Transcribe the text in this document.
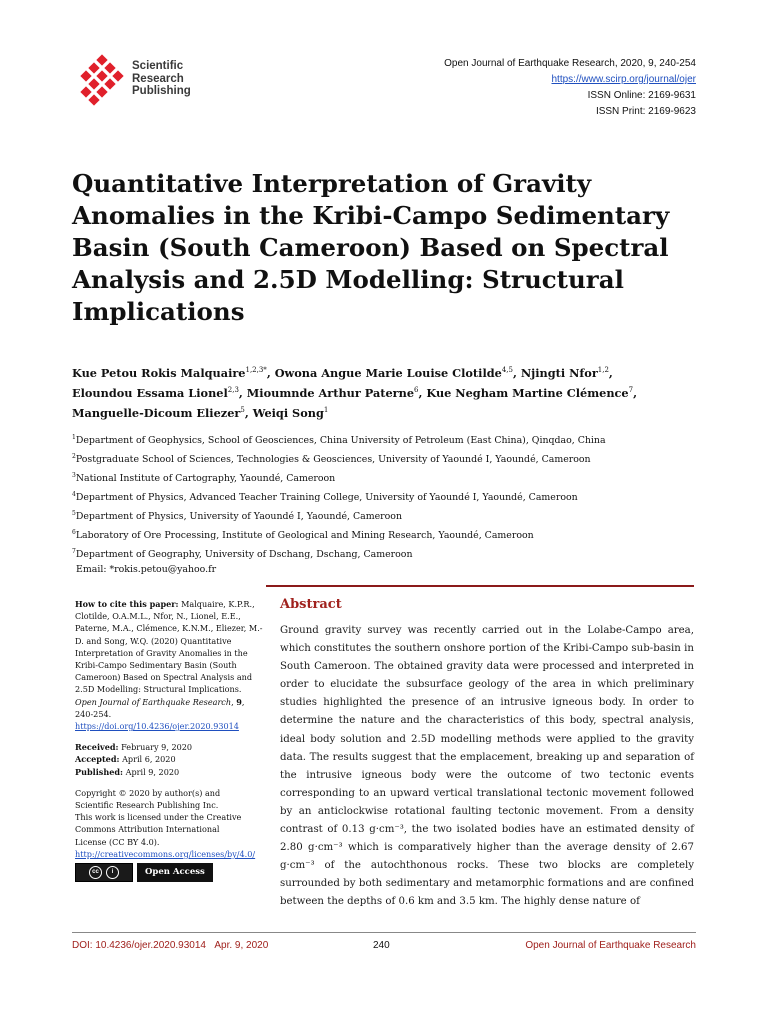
Scientific
Research
Publishing
Open Journal of Earthquake Research, 2020, 9, 240-254
https://www.scirp.org/journal/ojer
ISSN Online: 2169-9631
ISSN Print: 2169-9623
Quantitative Interpretation of Gravity
Anomalies in the Kribi-Campo Sedimentary
Basin (South Cameroon) Based on Spectral
Analysis and 2.5D Modelling: Structural
Implications
Kue Petou Rokis Malquaire$^{1,2,3*}$, Owona Angue Marie Louise Clotilde$^{4,5}$, Njingti Nfor$^{1,2}$,
Eloundou Essama Lionel$^{2,3}$, Mioumnde Arthur Paterne$^6$, Kue Negham Martine Clémence$^7$,
Manguelle-Dicoum Eliezer$^5$, Weiqi Song$^1$
$^1$Department of Geophysics, School of Geosciences, China University of Petroleum (East China), Qinqdao, China
$^2$Postgraduate School of Sciences, Technologies & Geosciences, University of Yaoundé I, Yaoundé, Cameroon
$^3$National Institute of Cartography, Yaoundé, Cameroon
$^4$Department of Physics, Advanced Teacher Training College, University of Yaoundé I, Yaoundé, Cameroon
$^5$Department of Physics, University of Yaoundé I, Yaoundé, Cameroon
$^6$Laboratory of Ore Processing, Institute of Geological and Mining Research, Yaoundé, Cameroon
$^7$Department of Geography, University of Dschang, Dschang, Cameroon
Email: *rokis.petou@yahoo.fr
How to cite this paper: Malquaire, K.P.R., Clotilde, O.A.M.L., Nfor, N., Lionel, E.E., Paterne, M.A., Clémence, K.N.M., Eliezer, M.-D. and Song, W.Q. (2020) Quantitative Interpretation of Gravity Anomalies in the Kribi-Campo Sedimentary Basin (South Cameroon) Based on Spectral Analysis and 2.5D Modelling: Structural Implications. Open Journal of Earthquake Research, 9, 240-254.
https://doi.org/10.4236/ojer.2020.93014
Received: February 9, 2020
Accepted: April 6, 2020
Published: April 9, 2020
Copyright © 2020 by author(s) and
Scientific Research Publishing Inc.
This work is licensed under the Creative
Commons Attribution International
License (CC BY 4.0).
http://creativecommons.org/licenses/by/4.0/
cc	i	Open Access
Abstract
Ground gravity survey was recently carried out in the Lolabe-Campo area, which constitutes the southern onshore portion of the Kribi-Campo sub-basin in South Cameroon. The obtained gravity data were processed and interpreted in order to elucidate the subsurface geology of the area in which preliminary studies highlighted the presence of an intrusive igneous body. In order to determine the nature and the characteristics of this body, spectral analysis, ideal body solution and 2.5D modelling methods were applied to the gravity data. The results suggest that the emplacement, breaking up and separation of the intrusive igneous body were the outcome of two tectonic events corresponding to an upward vertical translational tectonic movement followed by an anticlockwise rotational faulting tectonic movement. From a density contrast of 0.13 g·cm⁻³, the two isolated bodies have an estimated density of 2.80 g·cm⁻³ which is comparatively higher than the average density of 2.67 g·cm⁻³ of the autochthonous rocks. These two blocks are completely surrounded by both sedimentary and metamorphic formations and are confined between the depths of 0.6 km and 3.5 km. The highly dense nature of
DOI: 10.4236/ojer.2020.93014 Apr. 9, 2020	240	Open Journal of Earthquake Research
